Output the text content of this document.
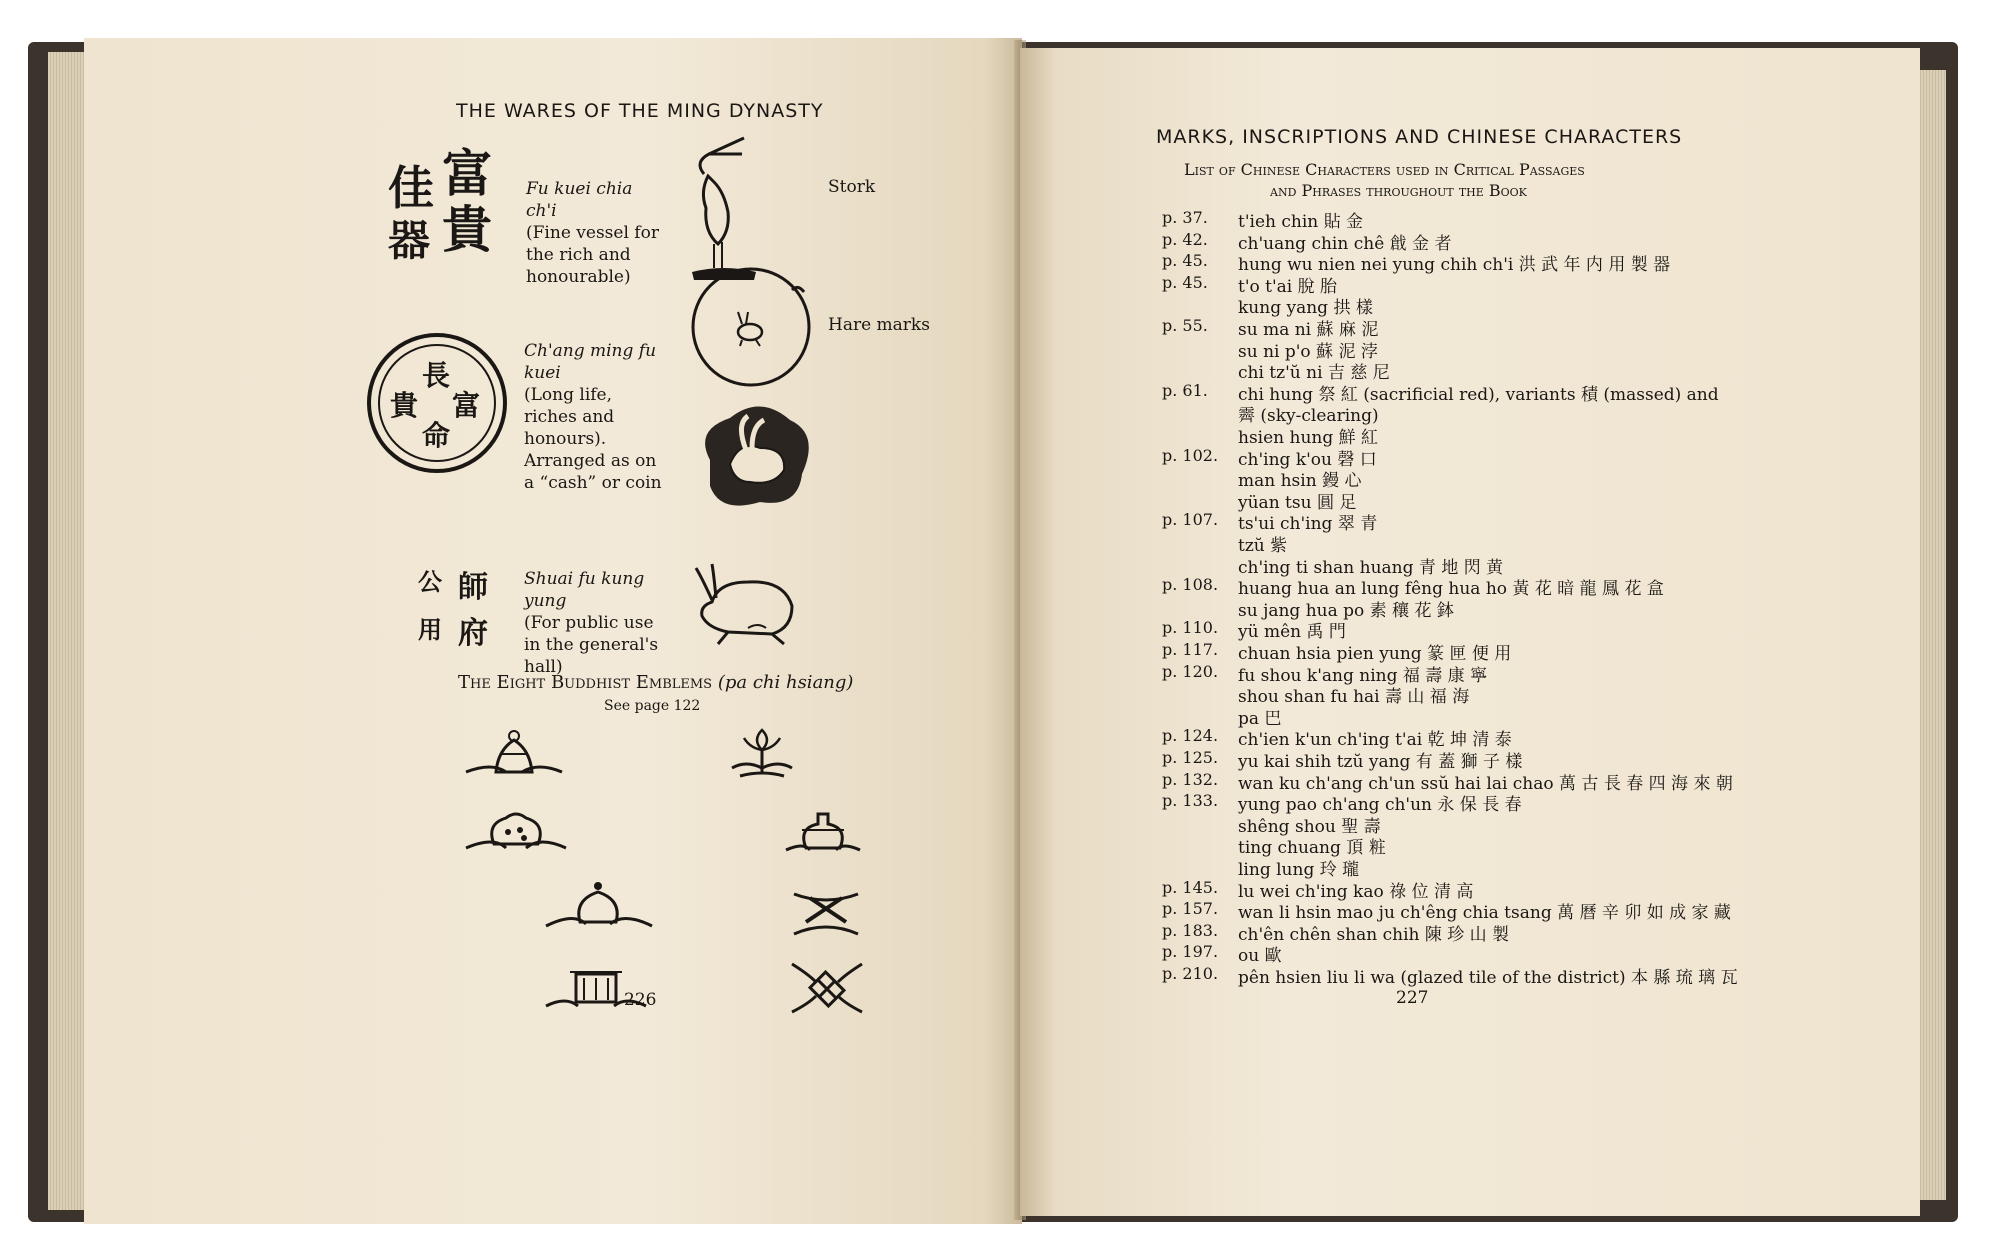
THE WARES OF THE MING DYNASTY
富
貴
佳
器
Fu kuei chia ch'i
(Fine vessel for the rich and honourable)
長
命
富
貴
Ch'ang ming fu kuei
(Long life, riches and honours). Arranged as on a “cash” or coin
師
府
公
用
Shuai fu kung yung
(For public use in the general's hall)
Stork
Hare marks
The Eight Buddhist Emblems (pa chi hsiang)
See page 122
226
MARKS, INSCRIPTIONS AND CHINESE CHARACTERS
List of Chinese Characters used in Critical Passages
and Phrases throughout the Book
p. 37. t'ieh chin 貼 金
p. 42. ch'uang chin chê 戧 金 者
p. 45. hung wu nien nei yung chih ch'i 洪 武 年 内 用 製 器
p. 45. t'o t'ai 脫 胎
kung yang 拱 樣
p. 55. su ma ni 蘇 麻 泥
su ni p'o 蘇 泥 浡
chi tz'ŭ ni 吉 慈 尼
p. 61. chi hung 祭 紅 (sacrificial red), variants 積 (massed) and
霽 (sky-clearing)
hsien hung 鮮 紅
p. 102. ch'ing k'ou 磬 口
man hsin 鏝 心
yüan tsu 圓 足
p. 107. ts'ui ch'ing 翠 青
tzŭ 紫
ch'ing ti shan huang 青 地 閃 黄
p. 108. huang hua an lung fêng hua ho 黃 花 暗 龍 鳳 花 盒
su jang hua po 素 穰 花 鉢
p. 110. yü mên 禹 門
p. 117. chuan hsia pien yung 篆 匣 便 用
p. 120. fu shou k'ang ning 福 壽 康 寧
shou shan fu hai 壽 山 福 海
pa 巴
p. 124. ch'ien k'un ch'ing t'ai 乾 坤 清 泰
p. 125. yu kai shih tzŭ yang 有 蓋 獅 子 樣
p. 132. wan ku ch'ang ch'un ssŭ hai lai chao 萬 古 長 春 四 海 來 朝
p. 133. yung pao ch'ang ch'un 永 保 長 春
shêng shou 聖 壽
ting chuang 頂 粧
ling lung 玲 瓏
p. 145. lu wei ch'ing kao 祿 位 清 高
p. 157. wan li hsin mao ju ch'êng chia tsang 萬 曆 辛 卯 如 成 家 藏
p. 183. ch'ên chên shan chih 陳 珍 山 製
p. 197. ou 歐
p. 210. pên hsien liu li wa (glazed tile of the district) 本 縣 琉 璃 瓦
227
